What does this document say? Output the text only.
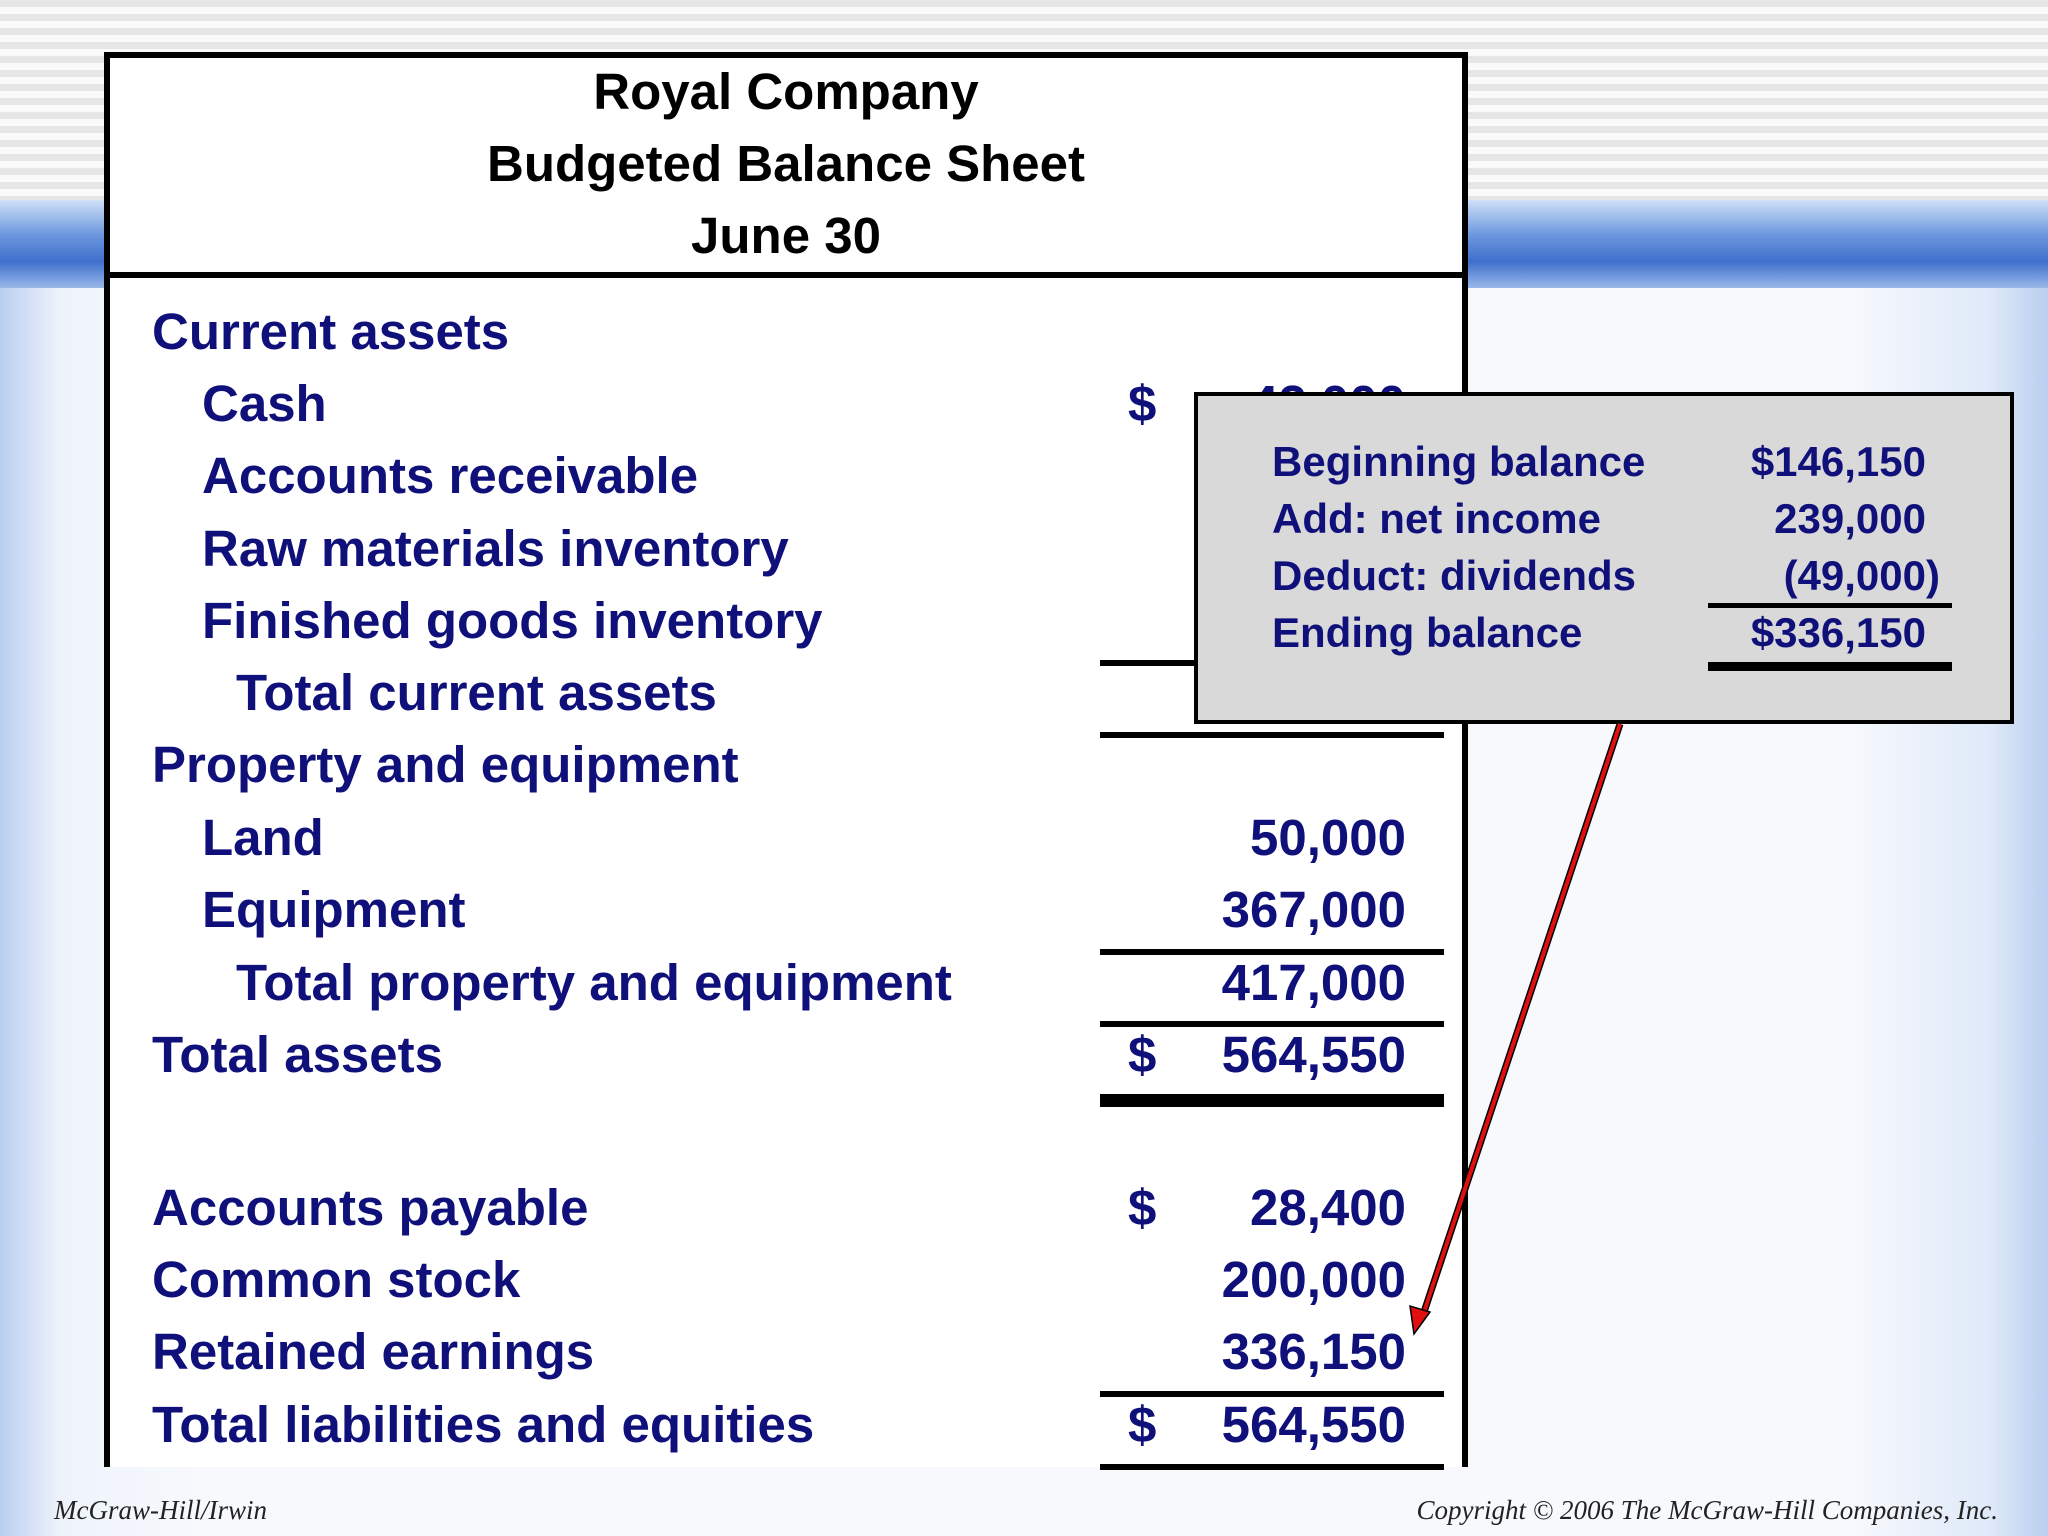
Royal Company
Budgeted Balance Sheet
June 30
Current assets
Cash	$
Accounts receivable
Raw materials inventory
Finished goods inventory
Total current assets
Property and equipment
Land	50,000
Equipment	367,000
Total property and equipment	417,000
Total assets	$ 564,550
Accounts payable	$ 28,400
Common stock	200,000
Retained earnings	336,150
Total liabilities and equities	$ 564,550
Beginning balance	$146,150
Add: net income	239,000
Deduct: dividends	(49,000)
Ending balance	$336,150
McGraw-Hill/Irwin	Copyright © 2006 The McGraw-Hill Companies, Inc.
